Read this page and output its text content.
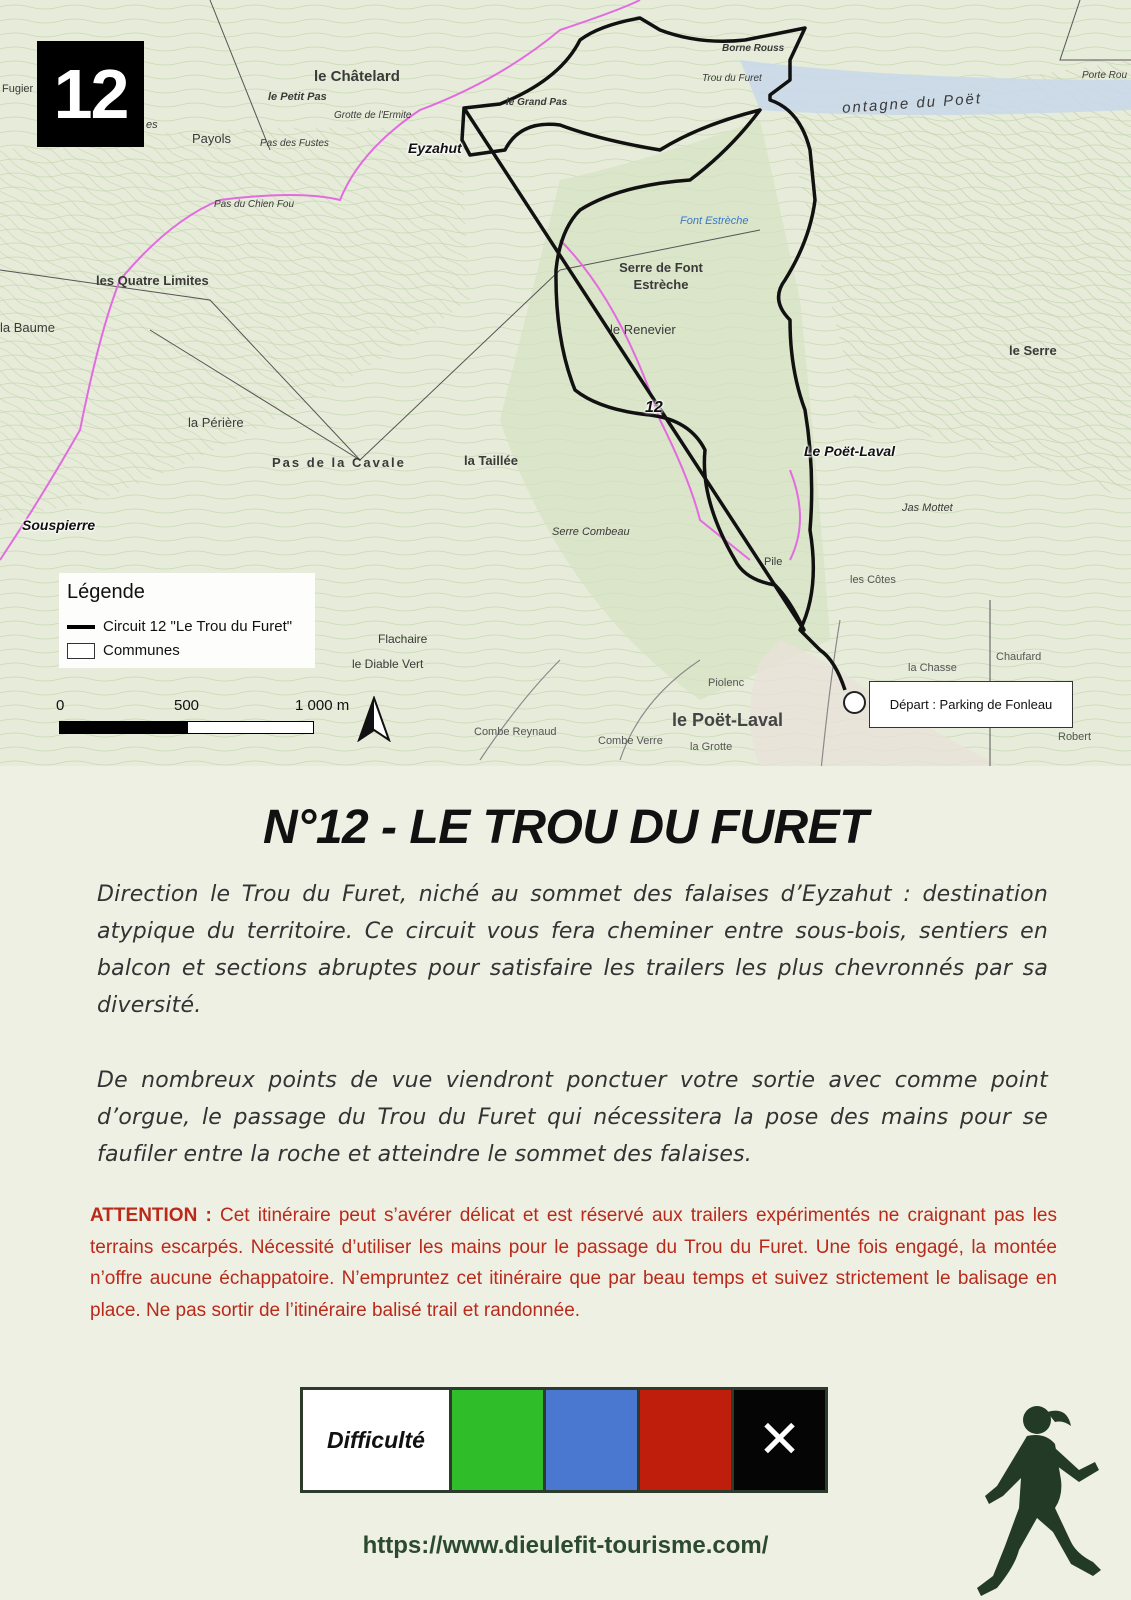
12	le Châtelard
le Petit Pas
Grotte de l'Ermite
le Grand Pas
Pas des Fustes
Payols
Fugier
es
Pas du Chien Fou
les Quatre Limites
la Baume
la Périère
Pas de la Cavale	la Taillée
Serre de Font Estrèche
le Renevier
Serre Combeau
Flachaire
le Diable Vert
Combe Reynaud
Combe Verre la Grotte
Piolenc
le Poët-Laval
la Chasse
Chaufard
Robert
le Serre
Jas Mottet
les Côtes
Borne Rouss
Trou du Furet
ontagne du Poët
Porte Rou
Font Estrèche
Pile
Eyzahut
Le Poët-Laval
Souspierre
12
Légende
Circuit 12 "Le Trou du Furet"
Communes
0	500	1 000 m	Départ : Parking de Fonleau
N°12 - LE TROU DU FURET
Direction le Trou du Furet, niché au sommet des falaises d’Eyzahut : destination atypique du territoire. Ce circuit vous fera cheminer entre sous-bois, sentiers en balcon et sections abruptes pour satisfaire les trailers les plus chevronnés par sa diversité.
De nombreux points de vue viendront ponctuer votre sortie avec comme point d’orgue, le passage du Trou du Furet qui nécessitera la pose des mains pour se faufiler entre la roche et atteindre le sommet des falaises.
ATTENTION : Cet itinéraire peut s’avérer délicat et est réservé aux trailers expérimentés ne craignant pas les terrains escarpés. Nécessité d’utiliser les mains pour le passage du Trou du Furet. Une fois engagé, la montée n’offre aucune échappatoire. N’empruntez cet itinéraire que par beau temps et suivez strictement le balisage en place. Ne pas sortir de l’itinéraire balisé trail et randonnée.
Difficulté	✕
https://www.dieulefit-tourisme.com/
